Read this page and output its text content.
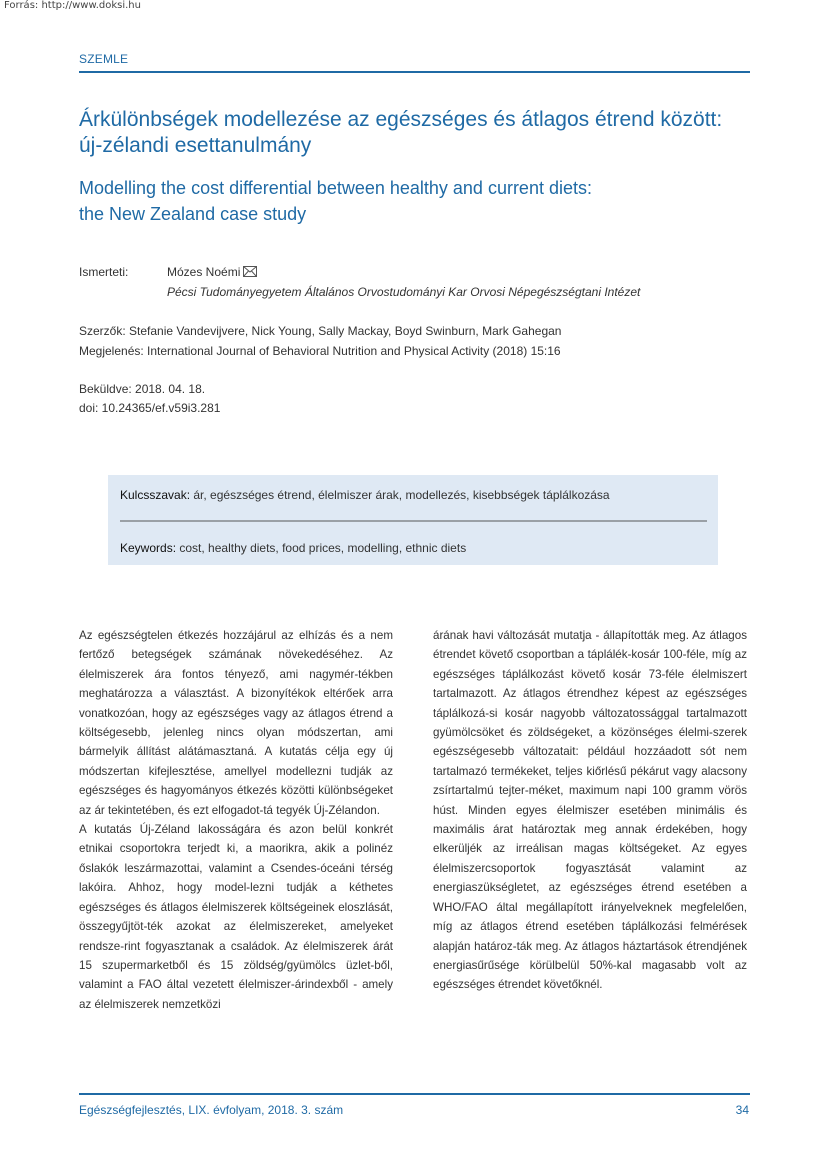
Forrás: http://www.doksi.hu
SZEMLE
Árkülönbségek modellezése az egészséges és átlagos étrend között:
új-zélandi esettanulmány
Modelling the cost differential between healthy and current diets:
the New Zealand case study
Ismerteti:	Mózes Noémi
Pécsi Tudományegyetem Általános Orvostudományi Kar Orvosi Népegészségtani Intézet
Szerzők: Stefanie Vandevijvere, Nick Young, Sally Mackay, Boyd Swinburn, Mark Gahegan
Megjelenés: International Journal of Behavioral Nutrition and Physical Activity (2018) 15:16
Beküldve: 2018. 04. 18.
doi: 10.24365/ef.v59i3.281
Kulcsszavak: ár, egészséges étrend, élelmiszer árak, modellezés, kisebbségek táplálkozása
Keywords: cost, healthy diets, food prices, modelling, ethnic diets

Az egészségtelen étkezés hozzájárul az elhízás és a nem fertőző betegségek számának növekedéséhez. Az élelmiszerek ára fontos tényező, ami nagymér-tékben meghatározza a választást. A bizonyítékok eltérőek arra vonatkozóan, hogy az egészséges vagy az átlagos étrend a költségesebb, jelenleg nincs olyan módszertan, ami bármelyik állítást alátámasztaná. A kutatás célja egy új módszertan kifejlesztése, amellyel modellezni tudják az egészséges és hagyományos étkezés közötti különbségeket az ár tekintetében, és ezt elfogadot-tá tegyék Új-Zélandon.

A kutatás Új-Zéland lakosságára és azon belül konkrét etnikai csoportokra terjedt ki, a maorikra, akik a polinéz őslakók leszármazottai, valamint a Csendes-óceáni térség lakóira. Ahhoz, hogy model-lezni tudják a kéthetes egészséges és átlagos élelmiszerek költségeinek eloszlását, összegyűjtöt-ték azokat az élelmiszereket, amelyeket rendsze-rint fogyasztanak a családok. Az élelmiszerek árát 15 szupermarketből és 15 zöldség/gyümölcs üzlet-ből, valamint a FAO által vezetett élelmiszer-árindexből - amely az élelmiszerek nemzetközi

árának havi változását mutatja - állapították meg. Az átlagos étrendet követő csoportban a táplálék-kosár 100-féle, míg az egészséges táplálkozást követő kosár 73-féle élelmiszert tartalmazott. Az átlagos étrendhez képest az egészséges táplálkozá-si kosár nagyobb változatossággal tartalmazott gyümölcsöket és zöldségeket, a közönséges élelmi-szerek egészségesebb változatait: például hozzáadott sót nem tartalmazó termékeket, teljes kiőrlésű pékárut vagy alacsony zsírtartalmú tejter-méket, maximum napi 100 gramm vörös húst. Minden egyes élelmiszer esetében minimális és maximális árat határoztak meg annak érdekében, hogy elkerüljék az irreálisan magas költségeket. Az egyes élelmiszercsoportok fogyasztását valamint az energiaszükségletet, az egészséges étrend esetében a WHO/FAO által megállapított irányelveknek megfelelően, míg az átlagos étrend esetében táplálkozási felmérések alapján határoz-ták meg. Az átlagos háztartások étrendjének energiasűrűsége körülbelül 50%-kal magasabb volt az egészséges étrendet követőknél.

Egészségfejlesztés, LIX. évfolyam, 2018. 3. szám	34
